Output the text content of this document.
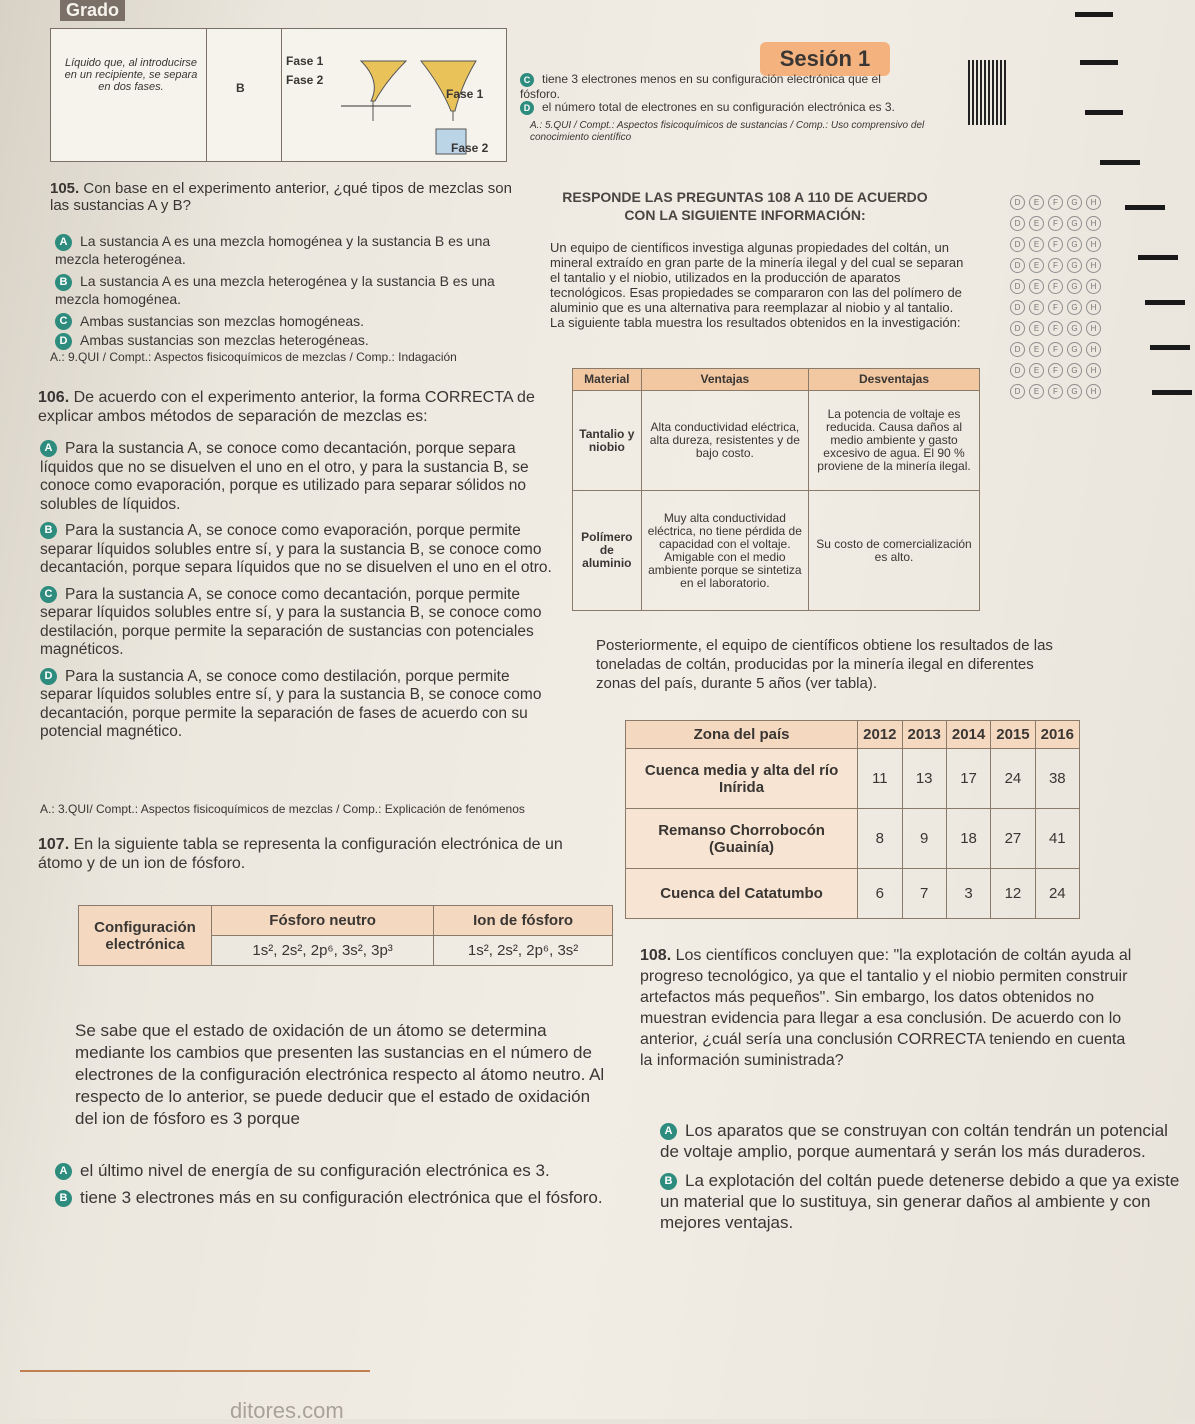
Grado
Sesión 1
Líquido que, al introducirse en un recipiente, se separa en dos fases.	B
Fase 1
Fase 2
Fase 1
Fase 2
C tiene 3 electrones menos en su configuración electrónica que el fósforo.
D el número total de electrones en su configuración electrónica es 3.
A.: 5.QUI / Compt.: Aspectos fisicoquímicos de sustancias / Comp.: Uso comprensivo del conocimiento científico
105. Con base en el experimento anterior, ¿qué tipos de mezclas son las sustancias A y B?
A La sustancia A es una mezcla homogénea y la sustancia B es una mezcla heterogénea.
B La sustancia A es una mezcla heterogénea y la sustancia B es una mezcla homogénea.
C Ambas sustancias son mezclas homogéneas.
D Ambas sustancias son mezclas heterogéneas.
A.: 9.QUI / Compt.: Aspectos fisicoquímicos de mezclas / Comp.: Indagación
106. De acuerdo con el experimento anterior, la forma CORRECTA de explicar ambos métodos de separación de mezclas es:
A Para la sustancia A, se conoce como decantación, porque separa líquidos que no se disuelven el uno en el otro, y para la sustancia B, se conoce como evaporación, porque es utilizado para separar sólidos no solubles de líquidos.
B Para la sustancia A, se conoce como evaporación, porque permite separar líquidos solubles entre sí, y para la sustancia B, se conoce como decantación, porque separa líquidos que no se disuelven el uno en el otro.
C Para la sustancia A, se conoce como decantación, porque permite separar líquidos solubles entre sí, y para la sustancia B, se conoce como destilación, porque permite la separación de sustancias con potenciales magnéticos.
D Para la sustancia A, se conoce como destilación, porque permite separar líquidos solubles entre sí, y para la sustancia B, se conoce como decantación, porque permite la separación de fases de acuerdo con su potencial magnético.
A.: 3.QUI/ Compt.: Aspectos fisicoquímicos de mezclas / Comp.: Explicación de fenómenos
107. En la siguiente tabla se representa la configuración electrónica de un átomo y de un ion de fósforo.
Configuración electrónica	Fósforo neutro	Ion de fósforo
	1s², 2s², 2p⁶, 3s², 3p³	1s², 2s², 2p⁶, 3s²
Se sabe que el estado de oxidación de un átomo se determina mediante los cambios que presenten las sustancias en el número de electrones de la configuración electrónica respecto al átomo neutro. Al respecto de lo anterior, se puede deducir que el estado de oxidación del ion de fósforo es 3 porque
A el último nivel de energía de su configuración electrónica es 3.
B tiene 3 electrones más en su configuración electrónica que el fósforo.
RESPONDE LAS PREGUNTAS 108 A 110 DE ACUERDO CON LA SIGUIENTE INFORMACIÓN:
Un equipo de científicos investiga algunas propiedades del coltán, un mineral extraído en gran parte de la minería ilegal y del cual se separan el tantalio y el niobio, utilizados en la producción de aparatos tecnológicos. Esas propiedades se compararon con las del polímero de aluminio que es una alternativa para reemplazar al niobio y al tantalio. La siguiente tabla muestra los resultados obtenidos en la investigación:
Material	Ventajas	Desventajas
Tantalio y niobio	Alta conductividad eléctrica, alta dureza, resistentes y de bajo costo.	La potencia de voltaje es reducida. Causa daños al medio ambiente y gasto excesivo de agua. El 90 % proviene de la minería ilegal.
Polímero de aluminio	Muy alta conductividad eléctrica, no tiene pérdida de capacidad con el voltaje. Amigable con el medio ambiente porque se sintetiza en el laboratorio.	Su costo de comercialización es alto.
Posteriormente, el equipo de científicos obtiene los resultados de las toneladas de coltán, producidas por la minería ilegal en diferentes zonas del país, durante 5 años (ver tabla).
Zona del país	2012	2013	2014	2015	2016
Cuenca media y alta del río Inírida	11	13	17	24	38
Remanso Chorrobocón (Guainía)	8	9	18	27	41
Cuenca del Catatumbo	6	7	3	12	24
108. Los científicos concluyen que: "la explotación de coltán ayuda al progreso tecnológico, ya que el tantalio y el niobio permiten construir artefactos más pequeños". Sin embargo, los datos obtenidos no muestran evidencia para llegar a esa conclusión. De acuerdo con lo anterior, ¿cuál sería una conclusión CORRECTA teniendo en cuenta la información suministrada?
A Los aparatos que se construyan con coltán tendrán un potencial de voltaje amplio, porque aumentará y serán los más duraderos.
B La explotación del coltán puede detenerse debido a que ya existe un material que lo sustituya, sin generar daños al ambiente y con mejores ventajas.
D E F G H
D E F G H
D E F G H
D E F G H
D E F G H
D E F G H
D E F G H
D E F G H
D E F G H
D E F G H
ditores.com
